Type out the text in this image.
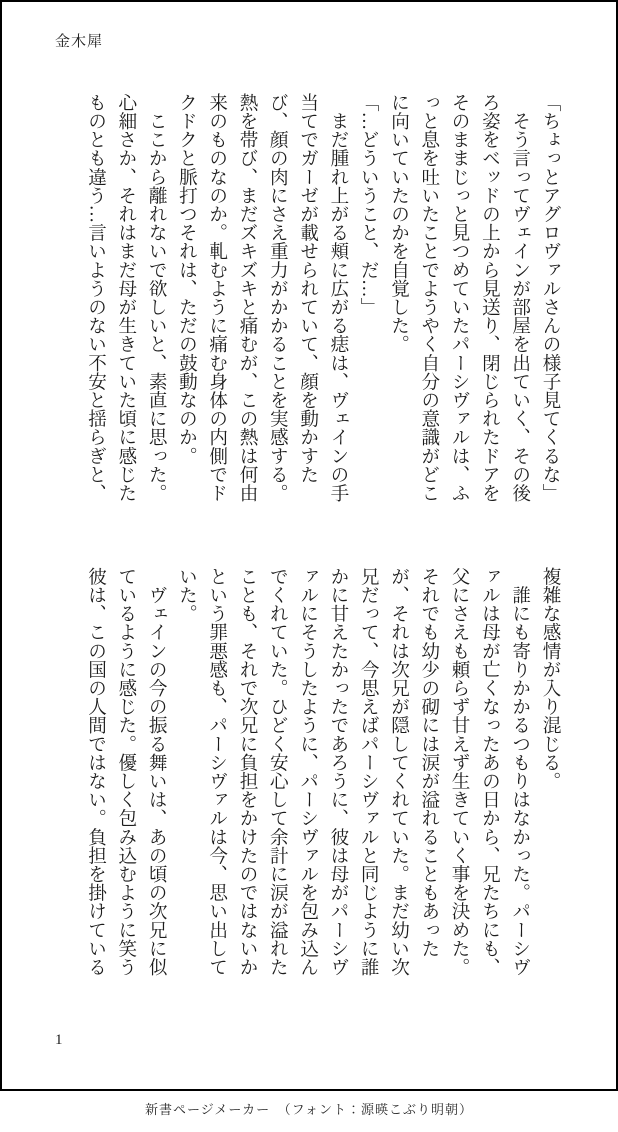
金木犀

「ちょっとアグロヴァルさんの様子見てくるな」

　そう言ってヴェインが部屋を出ていく、その後ろ姿をベッドの上から見送り、閉じられたドアをそのままじっと見つめていたパーシヴァルは、ふっと息を吐いたことでようやく自分の意識がどこに向いていたのかを自覚した。

「…どういうこと、だ…」

　まだ腫れ上がる頬に広がる痣は、ヴェインの手当てでガーゼが載せられていて、顔を動かすたび、顔の肉にさえ重力がかかることを実感する。熱を帯び、まだズキズキと痛むが、この熱は何由来のものなのか。軋むように痛む身体の内側でドクドクと脈打つそれは、ただの鼓動なのか。

　ここから離れないで欲しいと、素直に思った。心細さか、それはまだ母が生きていた頃に感じたものとも違う…言いようのない不安と揺らぎと、

複雑な感情が入り混じる。

　誰にも寄りかかるつもりはなかった。パーシヴァルは母が亡くなったあの日から、兄たちにも、父にさえも頼らず甘えず生きていく事を決めた。それでも幼少の砌には涙が溢れることもあったが、それは次兄が隠してくれていた。まだ幼い次兄だって、今思えばパーシヴァルと同じように誰かに甘えたかったであろうに、彼は母がパーシヴァルにそうしたように、パーシヴァルを包み込んでくれていた。ひどく安心して余計に涙が溢れたことも、それで次兄に負担をかけたのではないかという罪悪感も、パーシヴァルは今、思い出していた。

　ヴェインの今の振る舞いは、あの頃の次兄に似ているように感じた。優しく包み込むように笑う彼は、この国の人間ではない。負担を掛けている

1
新書ページメーカー　（フォント：源暎こぶり明朝）
